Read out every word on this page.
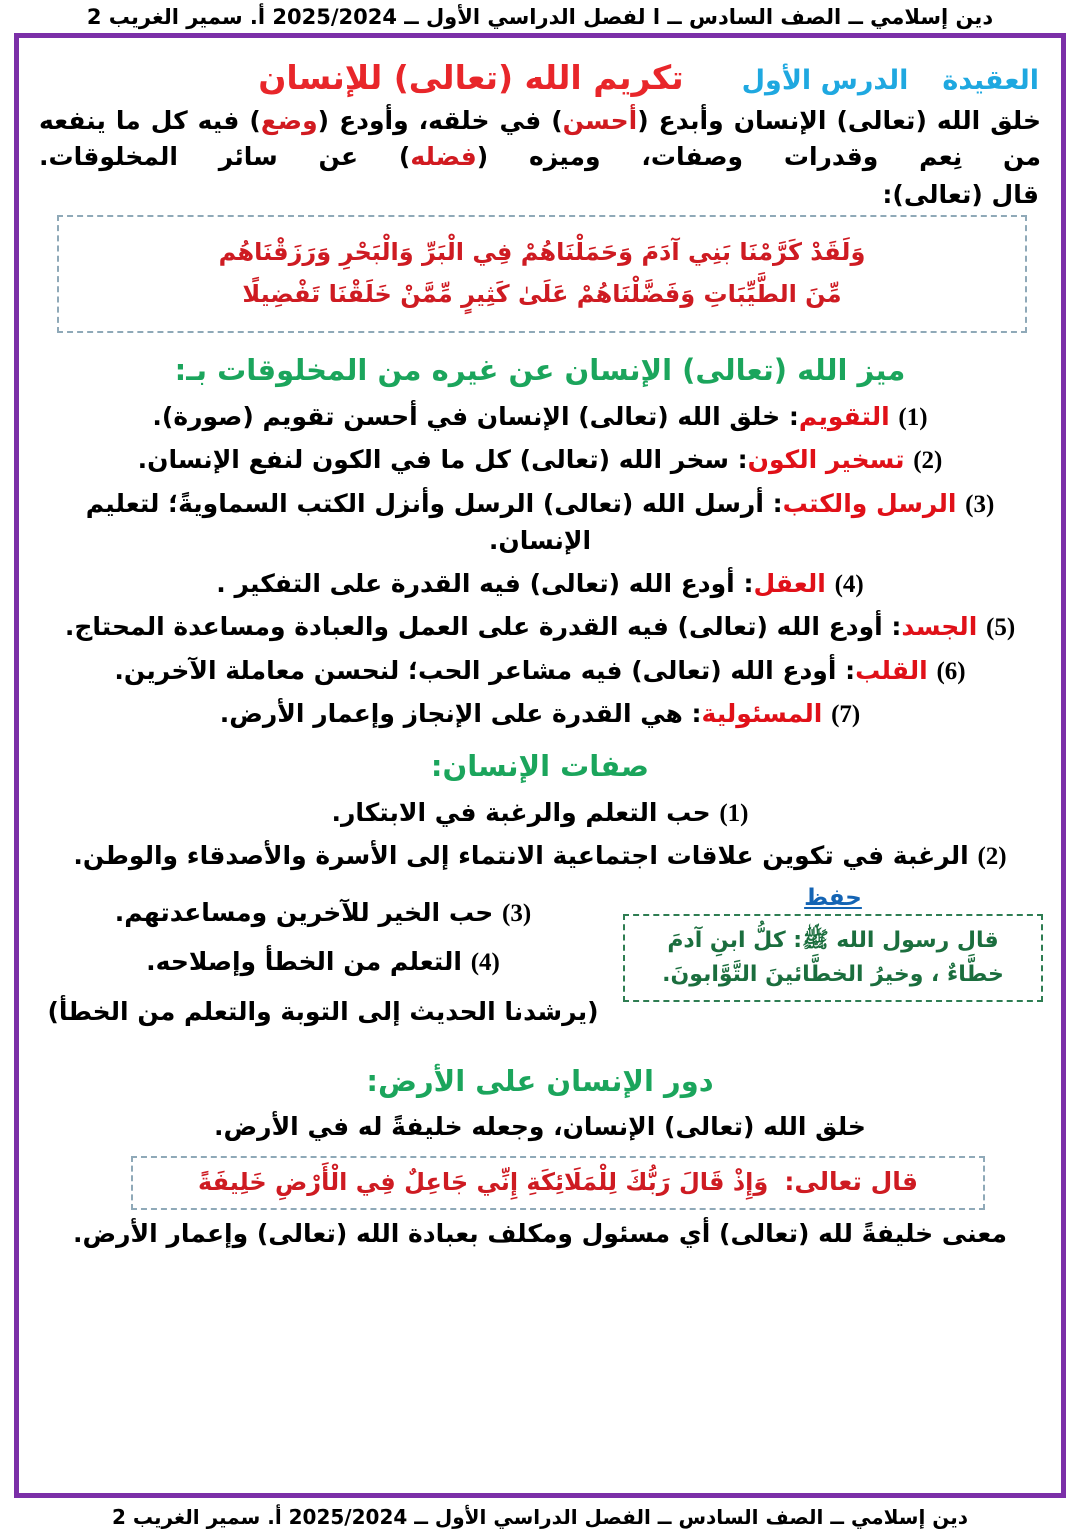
دين إسلامي ــ الصف السادس ــ ا لفصل الدراسي الأول ــ 2025/2024 أ. سمير الغريب 2
العقيدة
الدرس الأول
تكريم الله (تعالى) للإنسان
خلق الله (تعالى) الإنسان وأبدع (أحسن) في خلقه، وأودع (وضع) فيه كل ما ينفعه من نِعم وقدرات وصفات، وميزه (فضله) عن سائر المخلوقات.
قال (تعالى):
وَلَقَدْ كَرَّمْنَا بَنِي آدَمَ وَحَمَلْنَاهُمْ فِي الْبَرِّ وَالْبَحْرِ وَرَزَقْنَاهُم
مِّنَ الطَّيِّبَاتِ وَفَضَّلْنَاهُمْ عَلَىٰ كَثِيرٍ مِّمَّنْ خَلَقْنَا تَفْضِيلًا
ميز الله (تعالى) الإنسان عن غيره من المخلوقات بـ:
(1) التقويم: خلق الله (تعالى) الإنسان في أحسن تقويم (صورة).
(2) تسخير الكون: سخر الله (تعالى) كل ما في الكون لنفع الإنسان.
(3) الرسل والكتب: أرسل الله (تعالى) الرسل وأنزل الكتب السماويةً؛ لتعليم الإنسان.
(4) العقل: أودع الله (تعالى) فيه القدرة على التفكير .
(5) الجسد: أودع الله (تعالى) فيه القدرة على العمل والعبادة ومساعدة المحتاج.
(6) القلب: أودع الله (تعالى) فيه مشاعر الحب؛ لنحسن معاملة الآخرين.
(7) المسئولية: هي القدرة على الإنجاز وإعمار الأرض.
صفات الإنسان:
(1) حب التعلم والرغبة في الابتكار.
(2) الرغبة في تكوين علاقات اجتماعية الانتماء إلى الأسرة والأصدقاء والوطن.
حفظ
قال رسول الله ﷺ: كلُّ ابنِ آدمَ
خطَّاءٌ ، وخيرُ الخطَّائينَ التَّوَّابونَ.
(3) حب الخير للآخرين ومساعدتهم.
(4) التعلم من الخطأ وإصلاحه.
(يرشدنا الحديث إلى التوبة والتعلم من الخطأ)
دور الإنسان على الأرض:
خلق الله (تعالى) الإنسان، وجعله خليفةً له في الأرض.
قال تعالى:وَإِذْ قَالَ رَبُّكَ لِلْمَلَائِكَةِ إِنِّي جَاعِلٌ فِي الْأَرْضِ خَلِيفَةً
معنى خليفةً لله (تعالى) أي مسئول ومكلف بعبادة الله (تعالى) وإعمار الأرض.
دين إسلامي ــ الصف السادس ــ الفصل الدراسي الأول ــ 2025/2024 أ. سمير الغريب 2
